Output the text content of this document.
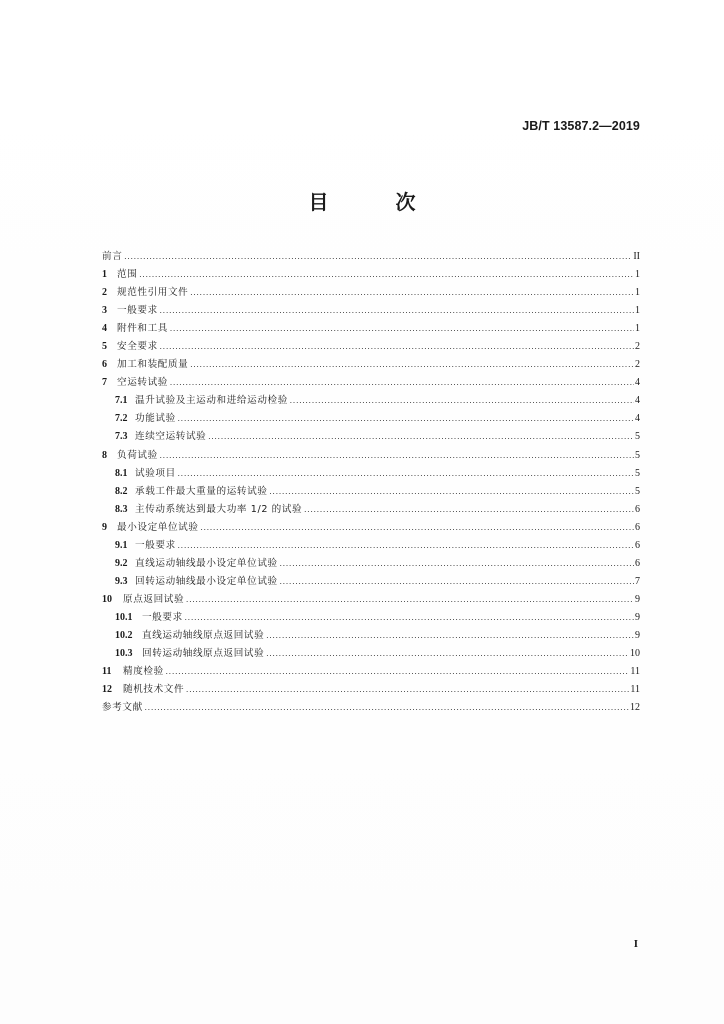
JB/T 13587.2—2019
目 次
前言 .....	II
1	范围 .....	1
2	规范性引用文件 .....	1
3	一般要求 .....	1
4	附件和工具 .....	1
5	安全要求 .....	2
6	加工和装配质量 .....	2
7	空运转试验 .....	4
7.1 温升试验及主运动和进给运动检验 .....	4
7.2 功能试验 .....	4
7.3 连续空运转试验 .....	5
8	负荷试验 .....	5
8.1 试验项目 .....	5
8.2 承载工件最大重量的运转试验 .....	5
8.3 主传动系统达到最大功率 1/2 的试验 .....	6
9	最小设定单位试验 .....	6
9.1 一般要求 .....	6
9.2 直线运动轴线最小设定单位试验 .....	6
9.3 回转运动轴线最小设定单位试验 .....	7
10	原点返回试验 .....	9
10.1 一般要求 .....	9
10.2 直线运动轴线原点返回试验 .....	9
10.3 回转运动轴线原点返回试验 .....	10
11	精度检验 .....	11
12	随机技术文件 .....	11
参考文献 .....	12
I
